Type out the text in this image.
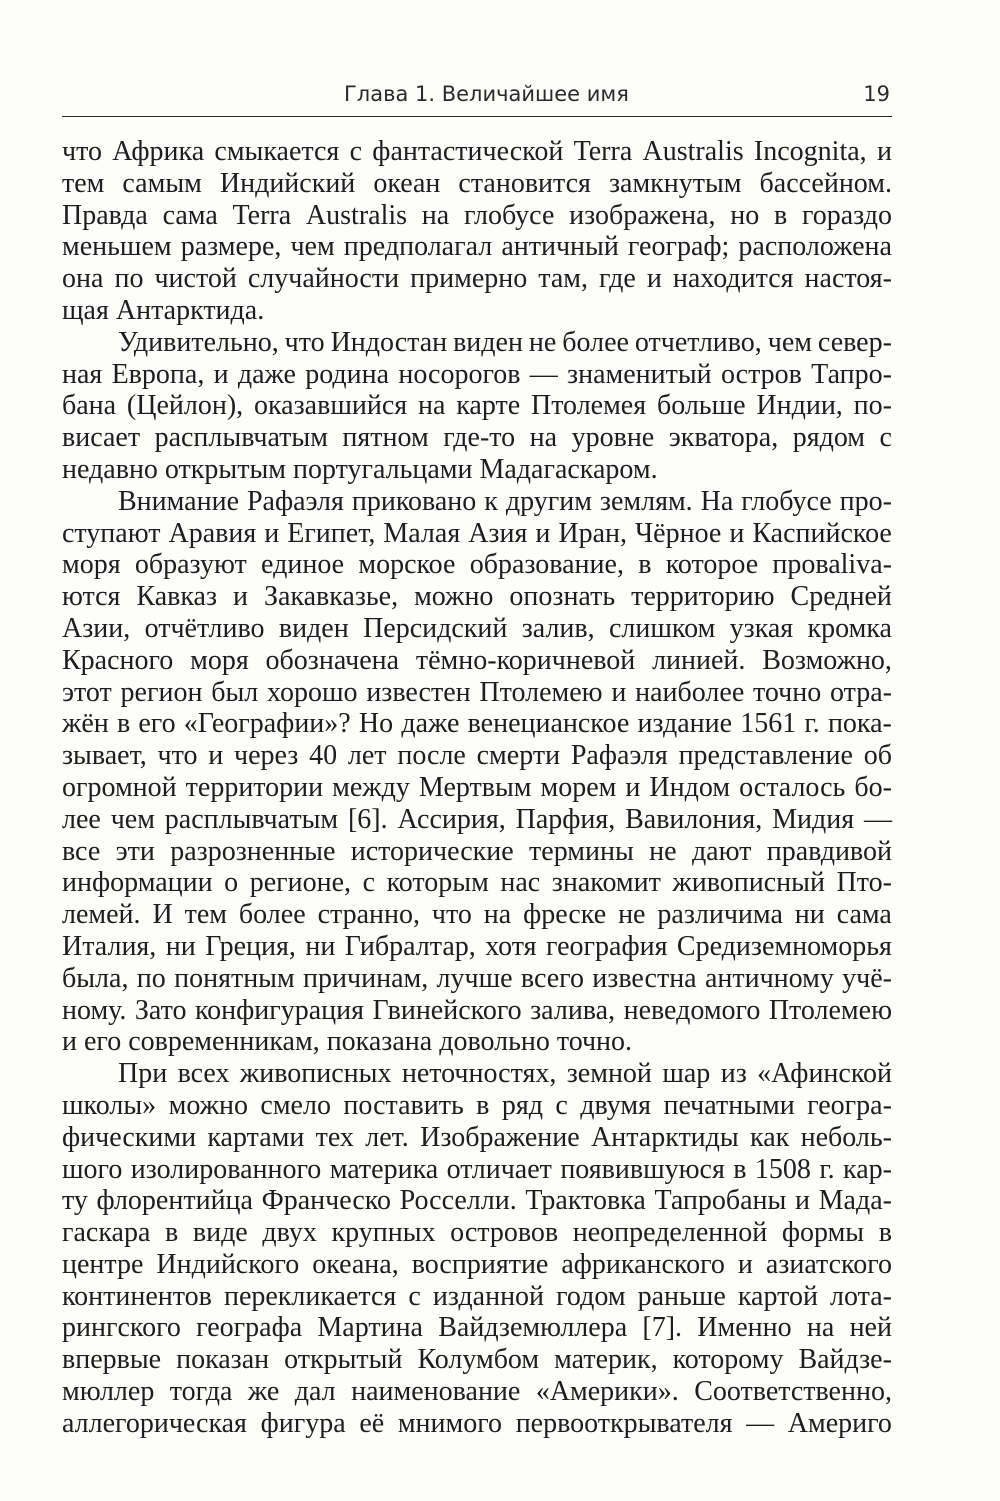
Глава 1. Величайшее имя	19
что Африка смыкается с фантастической Terra Australis Incognita, и
тем самым Индийский океан становится замкнутым бассейном.
Правда сама Terra Australis на глобусе изображена, но в гораздо
меньшем размере, чем предполагал античный географ; расположена
она по чистой случайности примерно там, где и находится настоя-
щая Антарктида.
Удивительно, что Индостан виден не более отчетливо, чем север-
ная Европа, и даже родина носорогов — знаменитый остров Тапро-
бана (Цейлон), оказавшийся на карте Птолемея больше Индии, по-
висает расплывчатым пятном где-то на уровне экватора, рядом с
недавно открытым португальцами Мадагаскаром.
Внимание Рафаэля приковано к другим землям. На глобусе про-
ступают Аравия и Египет, Малая Азия и Иран, Чёрное и Каспийское
моря образуют единое морское образование, в которое проваliva-
ются Кавказ и Закавказье, можно опознать территорию Средней
Азии, отчётливо виден Персидский залив, слишком узкая кромка
Красного моря обозначена тёмно-коричневой линией. Возможно,
этот регион был хорошо известен Птолемею и наиболее точно отра-
жён в его «Географии»? Но даже венецианское издание 1561 г. пока-
зывает, что и через 40 лет после смерти Рафаэля представление об
огромной территории между Мертвым морем и Индом осталось бо-
лее чем расплывчатым [6]. Ассирия, Парфия, Вавилония, Мидия —
все эти разрозненные исторические термины не дают правдивой
информации о регионе, с которым нас знакомит живописный Пто-
лемей. И тем более странно, что на фреске не различима ни сама
Италия, ни Греция, ни Гибралтар, хотя география Средиземноморья
была, по понятным причинам, лучше всего известна античному учё-
ному. Зато конфигурация Гвинейского залива, неведомого Птолемею
и его современникам, показана довольно точно.
При всех живописных неточностях, земной шар из «Афинской
школы» можно смело поставить в ряд с двумя печатными геогра-
фическими картами тех лет. Изображение Антарктиды как неболь-
шого изолированного материка отличает появившуюся в 1508 г. кар-
ту флорентийца Франческо Росселли. Трактовка Тапробаны и Мада-
гаскара в виде двух крупных островов неопределенной формы в
центре Индийского океана, восприятие африканского и азиатского
континентов перекликается с изданной годом раньше картой лота-
рингского географа Мартина Вайдземюллера [7]. Именно на ней
впервые показан открытый Колумбом материк, которому Вайдзе-
мюллер тогда же дал наименование «Америки». Соответственно,
аллегорическая фигура её мнимого первооткрывателя — Америго
